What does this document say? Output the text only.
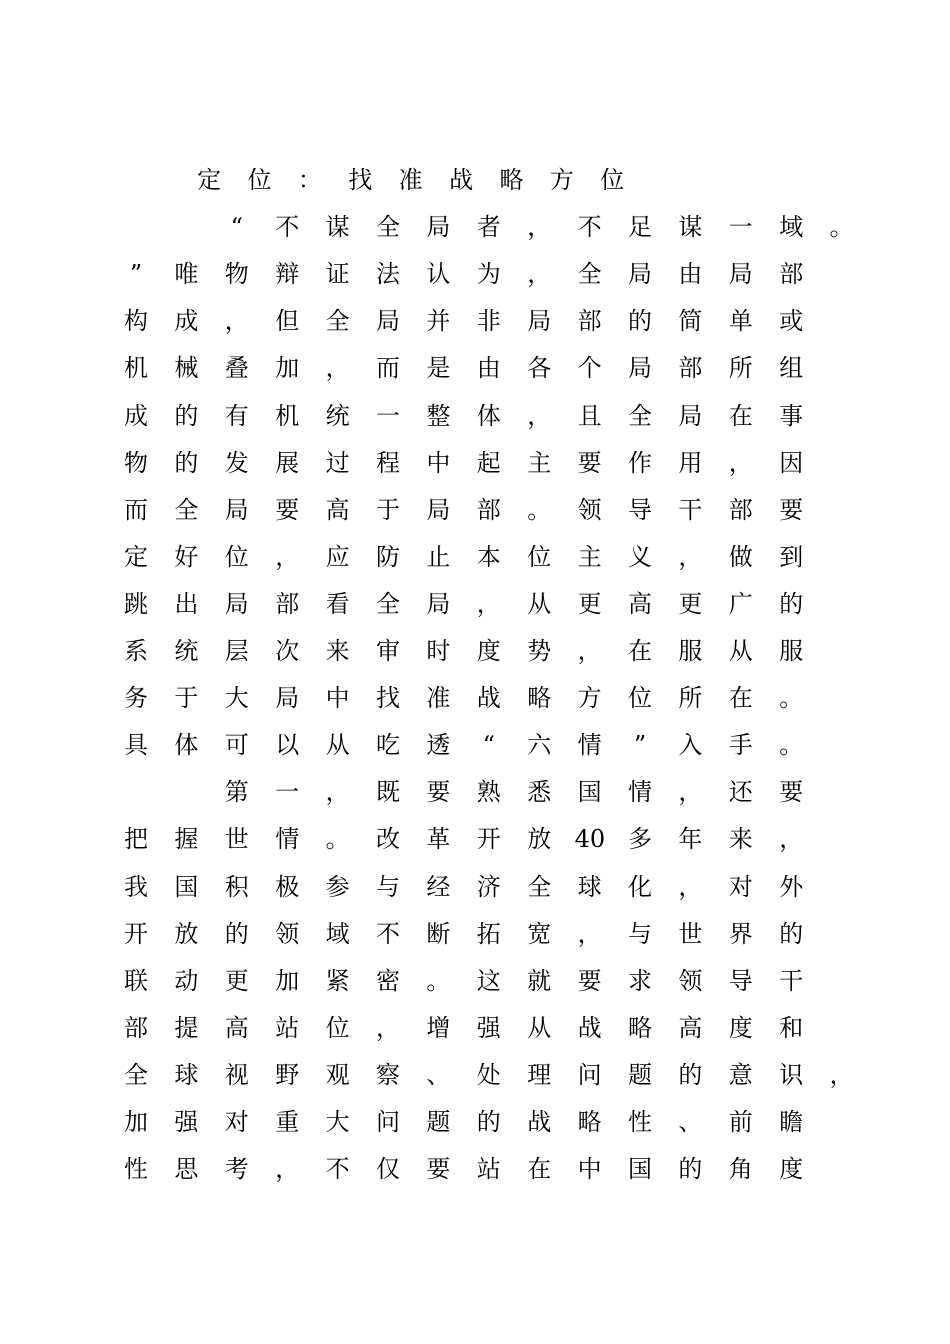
定 位 ： 找 准 战 略 方 位
“	不 谋 全 局 者 ， 不 足 谋 一 域 。
”	唯 物 辩 证 法 认 为 ， 全 局 由 局 部
构 成 ， 但 全 局 并 非 局 部 的 简 单 或
机 械 叠 加 ， 而 是 由 各 个 局 部 所 组
成 的 有 机 统 一 整 体 ， 且 全 局 在 事
物 的 发 展 过 程 中 起 主 要 作 用 ， 因
而 全 局 要 高 于 局 部 。 领 导 干 部 要
定 好 位 ， 应 防 止 本 位 主 义 ， 做 到
跳 出 局 部 看 全 局 ， 从 更 高 更 广 的
系 统 层 次 来 审 时 度 势 ， 在 服 从 服
务 于 大 局 中 找 准 战 略 方 位 所 在 。
具 体 可 以 从 吃 透	“	六 情	”	入 手 。
第 一 ， 既 要 熟 悉 国 情 ， 还 要
把 握 世 情 。 改 革 开 放 40 多 年 来 ，
我 国 积 极 参 与 经 济 全 球 化 ， 对 外
开 放 的 领 域 不 断 拓 宽 ， 与 世 界 的
联 动 更 加 紧 密 。 这 就 要 求 领 导 干
部 提 高 站 位 ， 增 强 从 战 略 高 度 和
全 球 视 野 观 察 、 处 理 问 题 的 意 识 ，
加 强 对 重 大 问 题 的 战 略 性 、 前 瞻
性 思 考 ， 不 仅 要 站 在 中 国 的 角 度
